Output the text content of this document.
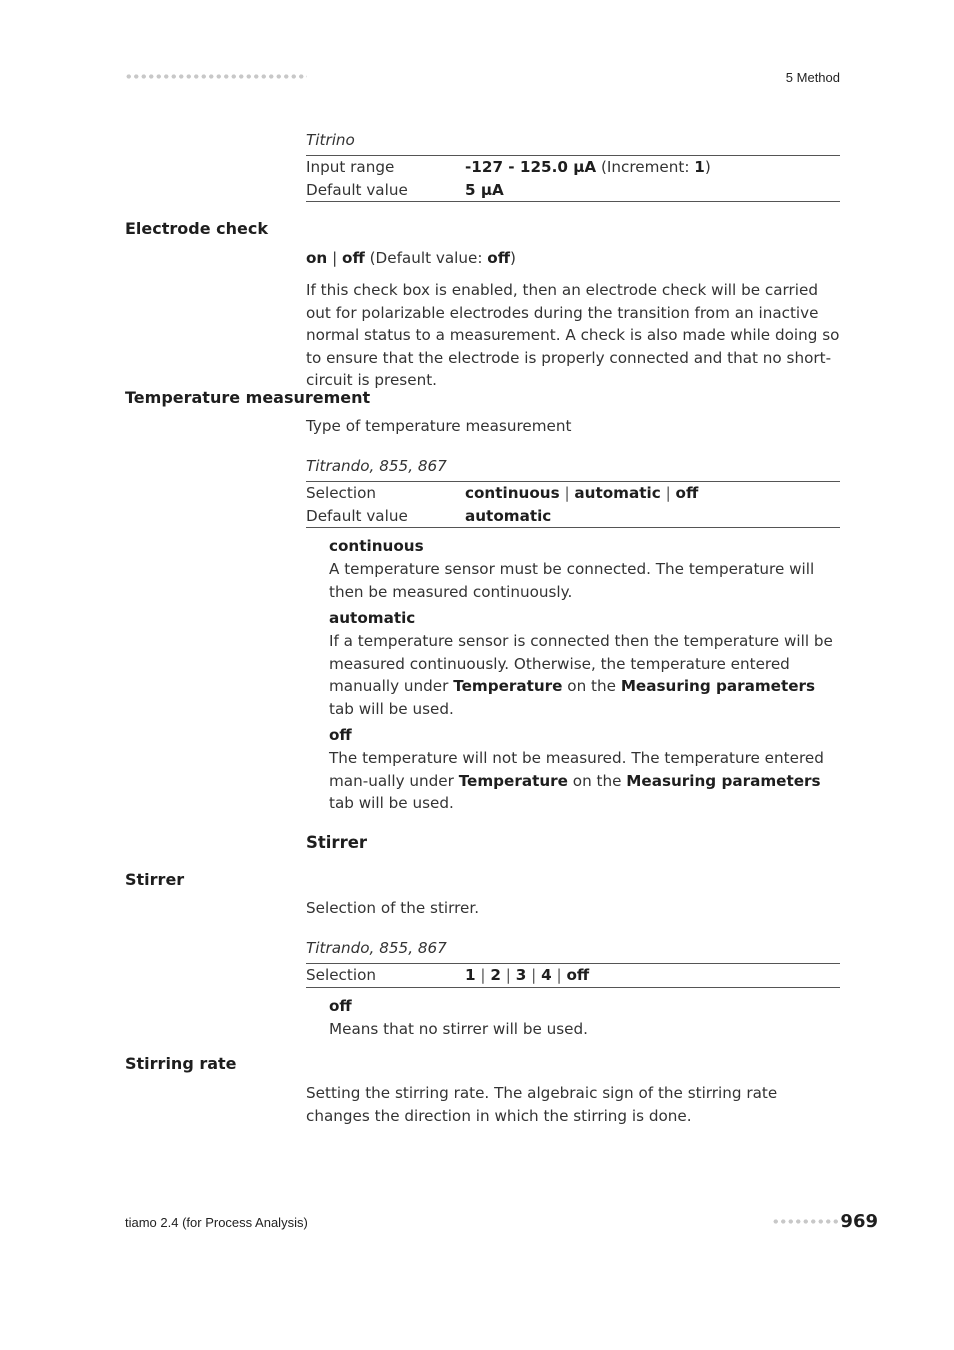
5 Method
Titrino
Input range	-127 - 125.0 µA (Increment: 1)
Default value	5 µA
Electrode check
on | off (Default value: off)
If this check box is enabled, then an electrode check will be carried out for polarizable electrodes during the transition from an inactive normal status to a measurement. A check is also made while doing so to ensure that the electrode is properly connected and that no short-circuit is present.
Temperature measurement
Type of temperature measurement
Titrando, 855, 867
Selection	continuous | automatic | off
Default value	automatic
continuous
A temperature sensor must be connected. The temperature will then be measured continuously.
automatic
If a temperature sensor is connected then the temperature will be measured continuously. Otherwise, the temperature entered manually under Temperature on the Measuring parameters tab will be used.
off
The temperature will not be measured. The temperature entered man-ually under Temperature on the Measuring parameters tab will be used.
Stirrer
Stirrer
Selection of the stirrer.
Titrando, 855, 867
Selection	1 | 2 | 3 | 4 | off
off
Means that no stirrer will be used.
Stirring rate
Setting the stirring rate. The algebraic sign of the stirring rate changes the direction in which the stirring is done.
tiamo 2.4 (for Process Analysis)	969
